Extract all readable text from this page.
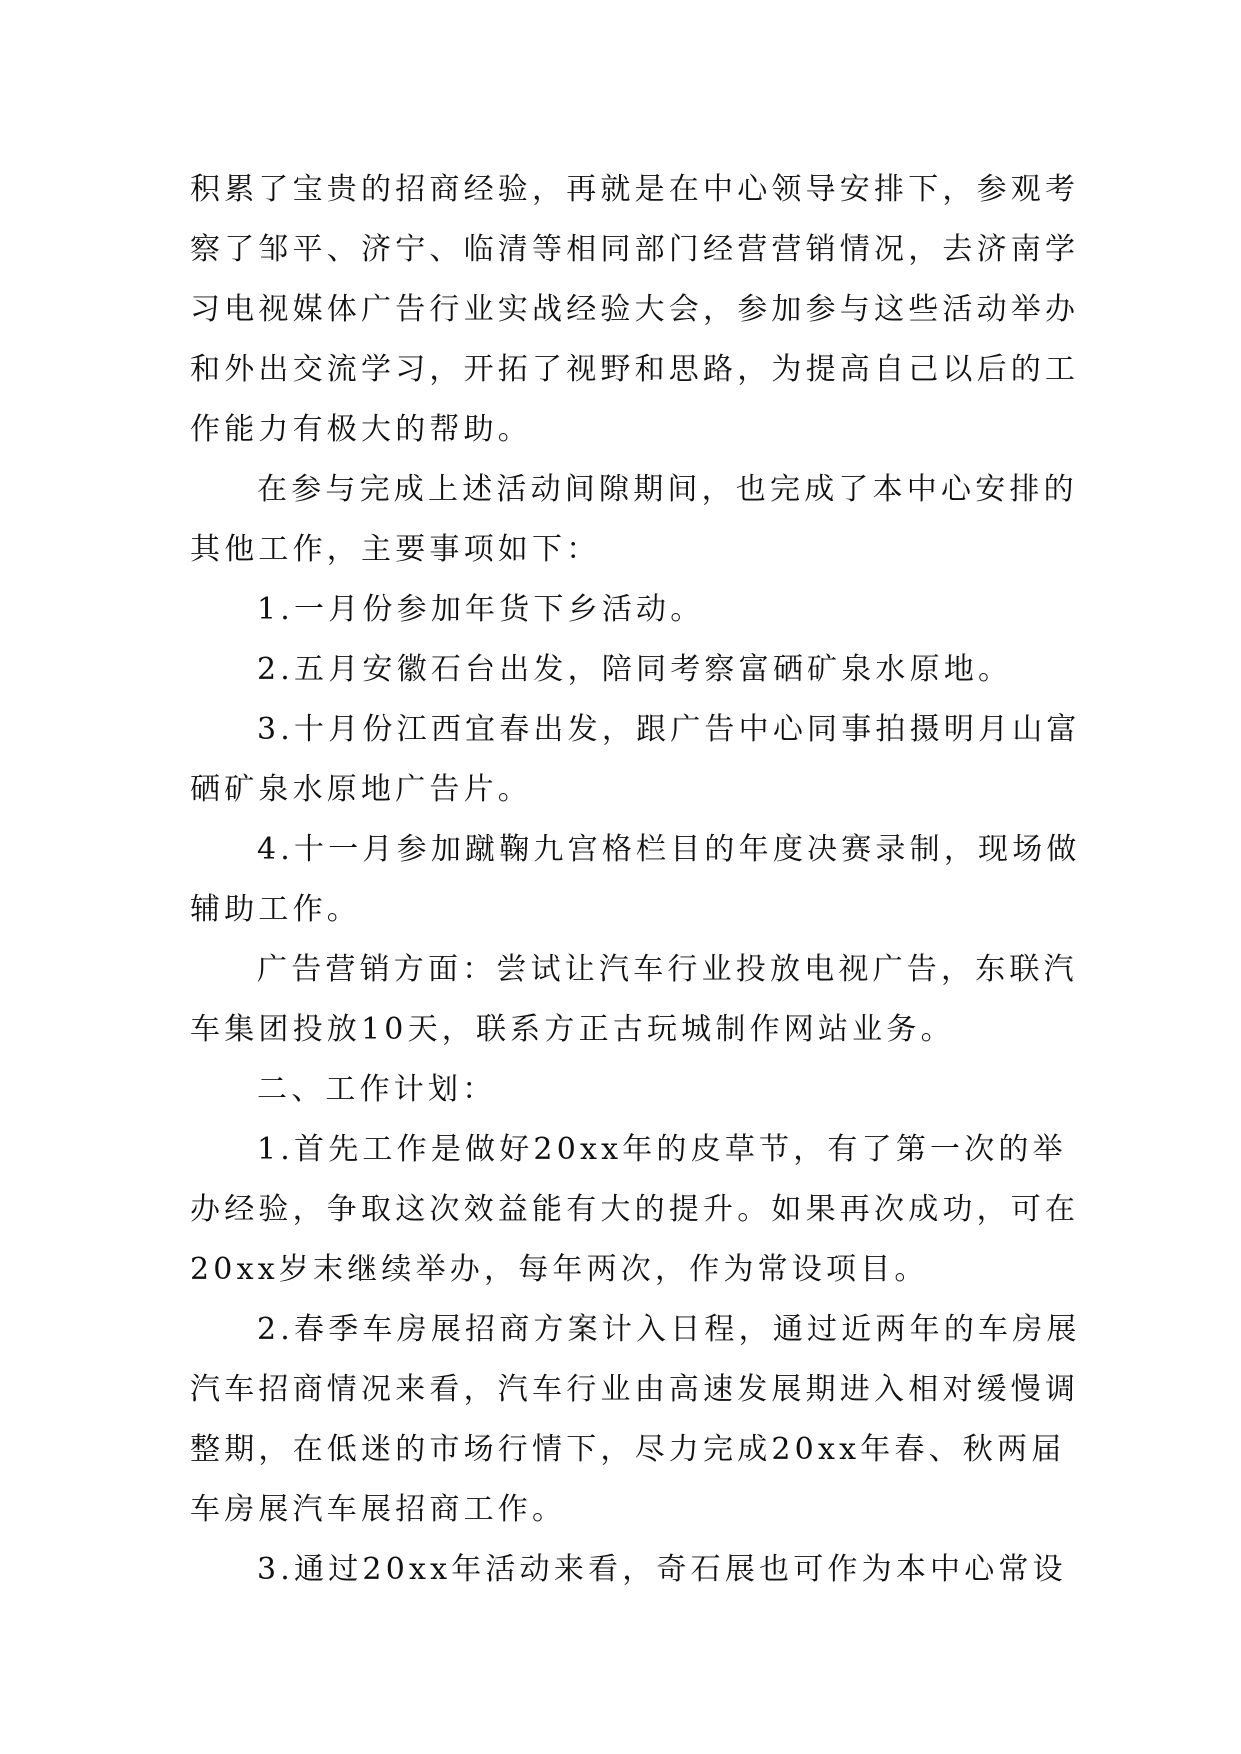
积累了宝贵的招商经验，再就是在中心领导安排下，参观考
察了邹平、济宁、临清等相同部门经营营销情况，去济南学
习电视媒体广告行业实战经验大会，参加参与这些活动举办
和外出交流学习，开拓了视野和思路，为提高自己以后的工
作能力有极大的帮助。
在参与完成上述活动间隙期间，也完成了本中心安排的
其他工作，主要事项如下：
1.一月份参加年货下乡活动。
2.五月安徽石台出发，陪同考察富硒矿泉水原地。
3.十月份江西宜春出发，跟广告中心同事拍摄明月山富
硒矿泉水原地广告片。
4.十一月参加蹴鞠九宫格栏目的年度决赛录制，现场做
辅助工作。
广告营销方面：尝试让汽车行业投放电视广告，东联汽
车集团投放10天，联系方正古玩城制作网站业务。
二、工作计划：
1.首先工作是做好20xx年的皮草节，有了第一次的举
办经验，争取这次效益能有大的提升。如果再次成功，可在
20xx岁末继续举办，每年两次，作为常设项目。
2.春季车房展招商方案计入日程，通过近两年的车房展
汽车招商情况来看，汽车行业由高速发展期进入相对缓慢调
整期，在低迷的市场行情下，尽力完成20xx年春、秋两届
车房展汽车展招商工作。
3.通过20xx年活动来看，奇石展也可作为本中心常设
